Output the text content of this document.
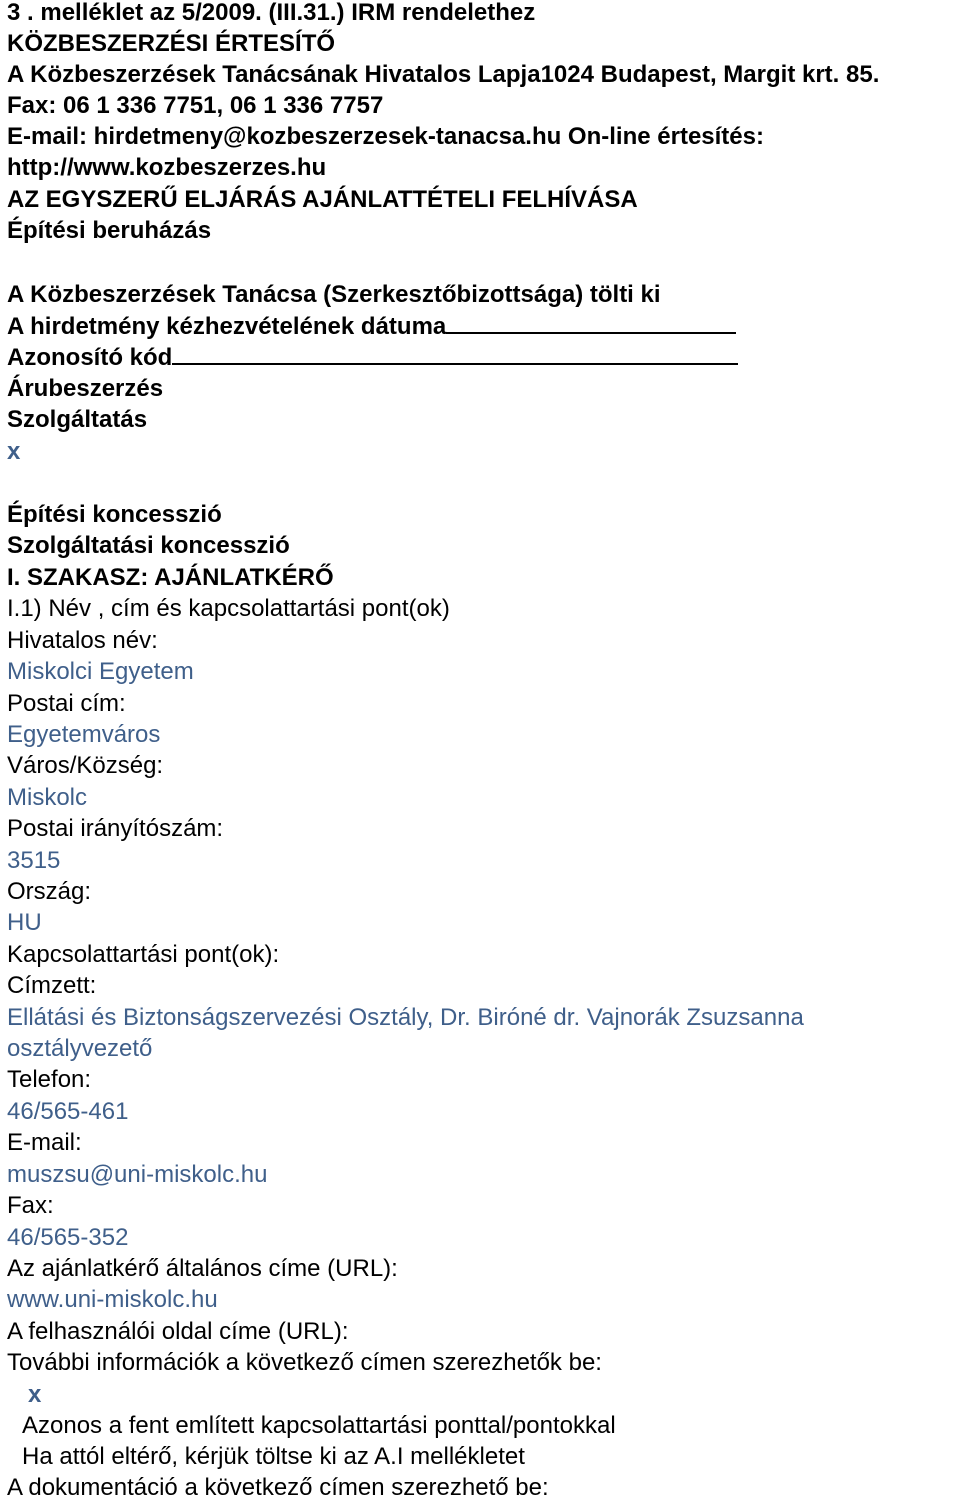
3 . melléklet az 5/2009. (III.31.) IRM rendelethez
KÖZBESZERZÉSI ÉRTESÍTŐ
A Közbeszerzések Tanácsának Hivatalos Lapja1024 Budapest, Margit krt. 85.
Fax: 06 1 336 7751, 06 1 336 7757
E-mail: hirdetmeny@kozbeszerzesek-tanacsa.hu On-line értesítés:
http://www.kozbeszerzes.hu
AZ EGYSZERŰ ELJÁRÁS AJÁNLATTÉTELI FELHÍVÁSA
Építési beruházás
A Közbeszerzések Tanácsa (Szerkesztőbizottsága) tölti ki
A hirdetmény kézhezvételének dátuma
Azonosító kód
Árubeszerzés
Szolgáltatás
x
Építési koncesszió
Szolgáltatási koncesszió
I. SZAKASZ: AJÁNLATKÉRŐ
I.1) Név , cím és kapcsolattartási pont(ok)
Hivatalos név:
Miskolci Egyetem
Postai cím:
Egyetemváros
Város/Község:
Miskolc
Postai irányítószám:
3515
Ország:
HU
Kapcsolattartási pont(ok):
Címzett:
Ellátási és Biztonságszervezési Osztály, Dr. Biróné dr. Vajnorák Zsuzsanna
osztályvezető
Telefon:
46/565-461
E-mail:
muszsu@uni-miskolc.hu
Fax:
46/565-352
Az ajánlatkérő általános címe (URL):
www.uni-miskolc.hu
A felhasználói oldal címe (URL):
További információk a következő címen szerezhetők be:
x
Azonos a fent említett kapcsolattartási ponttal/pontokkal
Ha attól eltérő, kérjük töltse ki az A.I mellékletet
A dokumentáció a következő címen szerezhető be:
